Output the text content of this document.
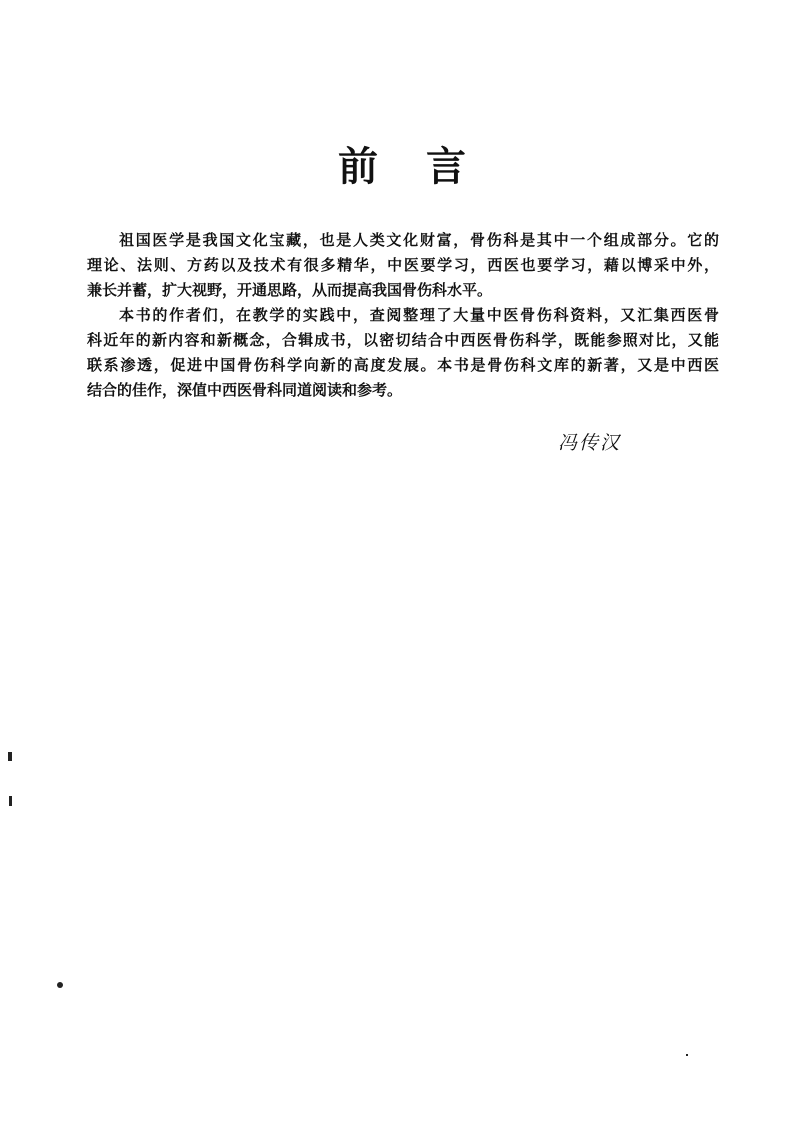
前 言
祖国医学是我国文化宝藏，也是人类文化财富，骨伤科是其中一个组成部分。它的
理论、法则、方药以及技术有很多精华，中医要学习，西医也要学习，藉以博采中外，
兼长并蓄，扩大视野，开通思路，从而提高我国骨伤科水平。
本书的作者们，在教学的实践中，查阅整理了大量中医骨伤科资料，又汇集西医骨
科近年的新内容和新概念，合辑成书，以密切结合中西医骨伤科学，既能参照对比，又能
联系渗透，促进中国骨伤科学向新的高度发展。本书是骨伤科文库的新著，又是中西医
结合的佳作，深值中西医骨科同道阅读和参考。
冯传汉
